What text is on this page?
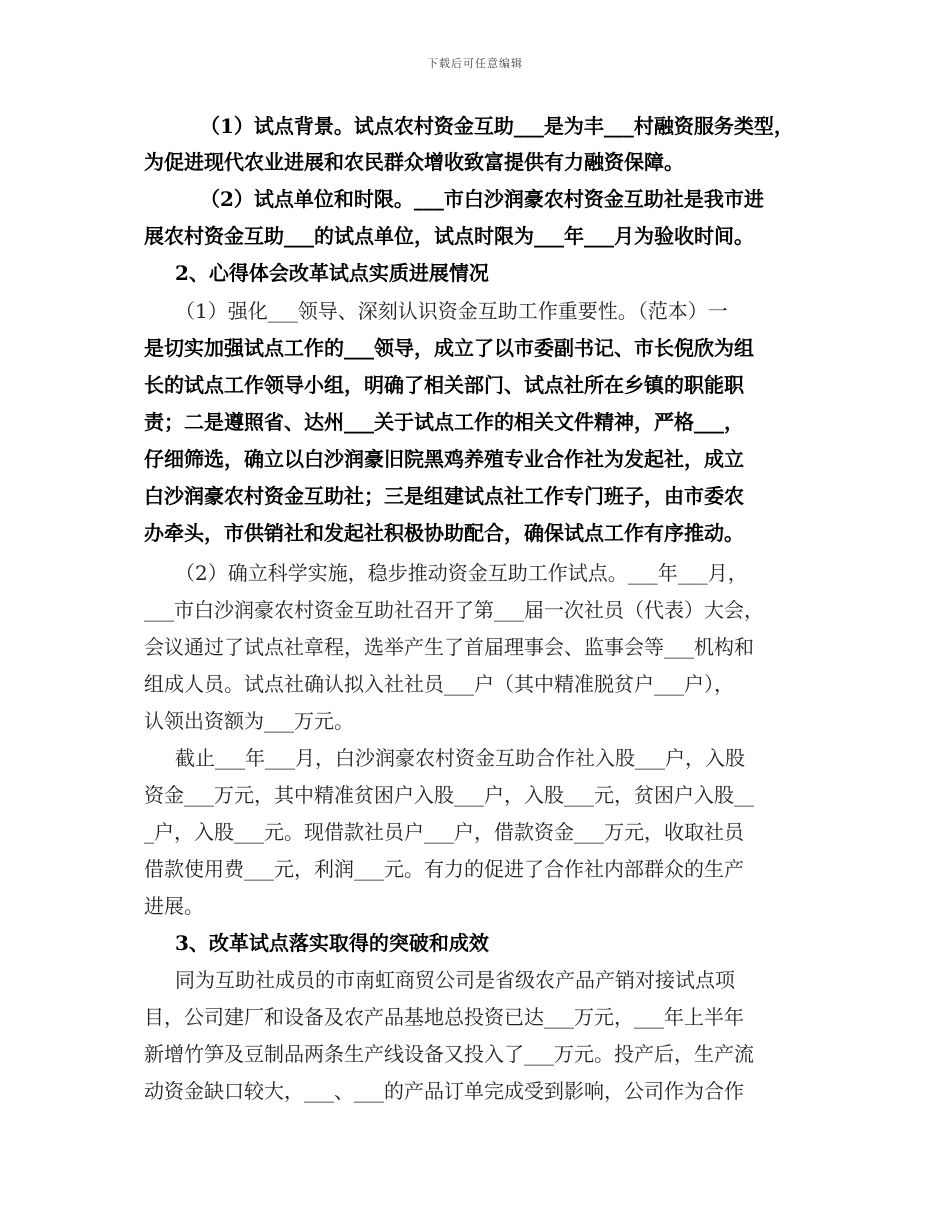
下载后可任意编辑
（1）试点背景。试点农村资金互助___是为丰___村融资服务类型，
为促进现代农业进展和农民群众增收致富提供有力融资保障。
（2）试点单位和时限。___市白沙润豪农村资金互助社是我市进
展农村资金互助___的试点单位，试点时限为___年___月为验收时间。
2、心得体会改革试点实质进展情况
（1）强化___领导、深刻认识资金互助工作重要性。（范本）一
是切实加强试点工作的___领导，成立了以市委副书记、市长倪欣为组
长的试点工作领导小组，明确了相关部门、试点社所在乡镇的职能职
责；二是遵照省、达州___关于试点工作的相关文件精神，严格___，
仔细筛选，确立以白沙润豪旧院黑鸡养殖专业合作社为发起社，成立
白沙润豪农村资金互助社；三是组建试点社工作专门班子，由市委农
办牵头，市供销社和发起社积极协助配合，确保试点工作有序推动。
（2）确立科学实施，稳步推动资金互助工作试点。___年___月，
___市白沙润豪农村资金互助社召开了第___届一次社员（代表）大会，
会议通过了试点社章程，选举产生了首届理事会、监事会等___机构和
组成人员。试点社确认拟入社社员___户（其中精准脱贫户___户），
认领出资额为___万元。
截止___年___月，白沙润豪农村资金互助合作社入股___户，入股
资金___万元，其中精准贫困户入股___户，入股___元，贫困户入股__
_户，入股___元。现借款社员户___户，借款资金___万元，收取社员
借款使用费___元，利润___元。有力的促进了合作社内部群众的生产
进展。
3、改革试点落实取得的突破和成效
同为互助社成员的市南虹商贸公司是省级农产品产销对接试点项
目，公司建厂和设备及农产品基地总投资已达___万元，___年上半年
新增竹笋及豆制品两条生产线设备又投入了___万元。投产后，生产流
动资金缺口较大，___、___的产品订单完成受到影响，公司作为合作
